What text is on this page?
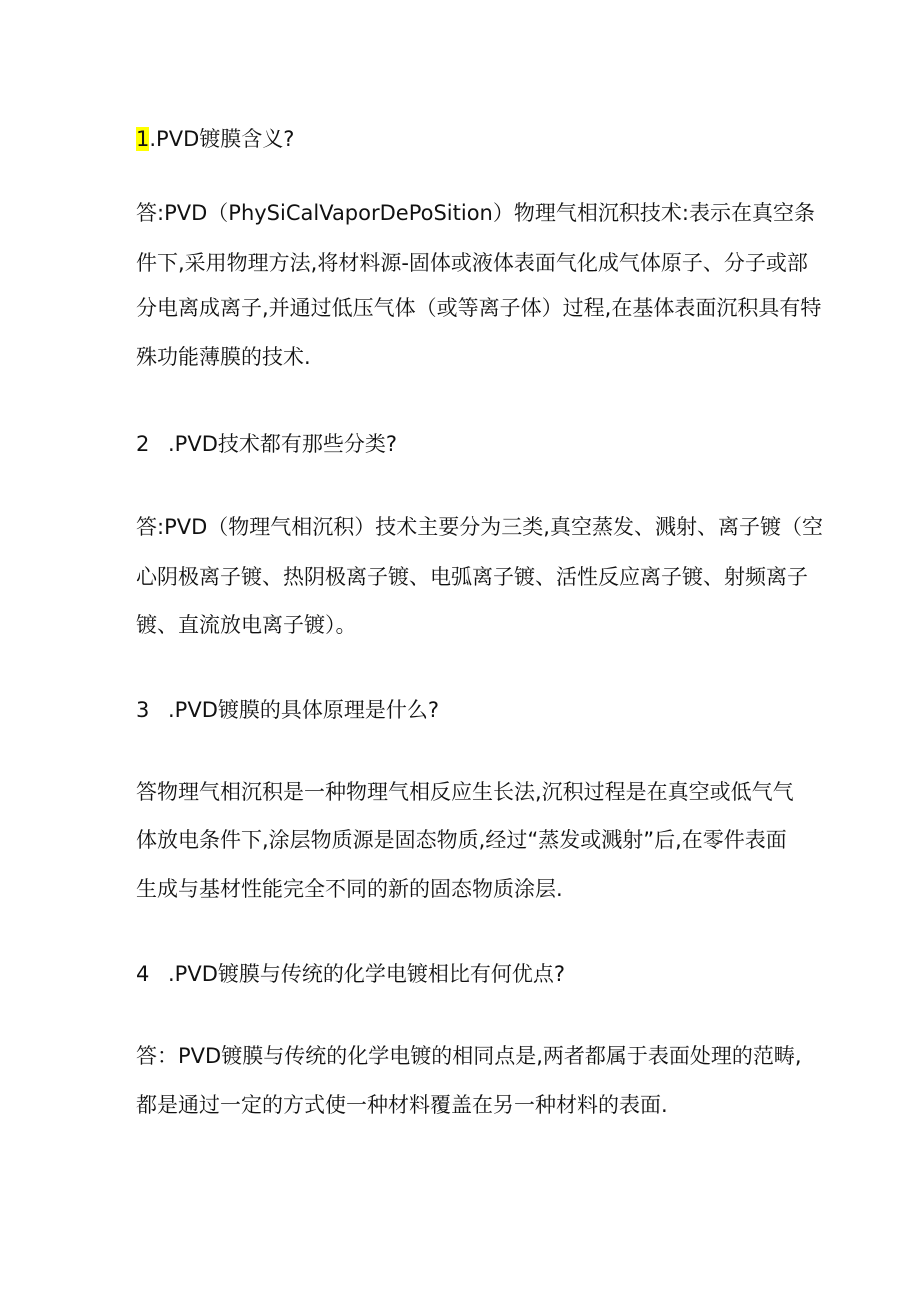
1.PVD镀膜含义?
答:PVD（PhySiCalVaporDePoSition）物理气相沉积技术:表示在真空条
件下,采用物理方法,将材料源-固体或液体表面气化成气体原子、分子或部
分电离成离子,并通过低压气体（或等离子体）过程,在基体表面沉积具有特
殊功能薄膜的技术.
2 .PVD技术都有那些分类?
答:PVD（物理气相沉积）技术主要分为三类,真空蒸发、溅射、离子镀（空
心阴极离子镀、热阴极离子镀、电弧离子镀、活性反应离子镀、射频离子
镀、直流放电离子镀）。
3 .PVD镀膜的具体原理是什么?
答物理气相沉积是一种物理气相反应生长法,沉积过程是在真空或低气气
体放电条件下,涂层物质源是固态物质,经过“蒸发或溅射”后,在零件表面
生成与基材性能完全不同的新的固态物质涂层.
4 .PVD镀膜与传统的化学电镀相比有何优点?
答：PVD镀膜与传统的化学电镀的相同点是,两者都属于表面处理的范畴,
都是通过一定的方式使一种材料覆盖在另一种材料的表面.
